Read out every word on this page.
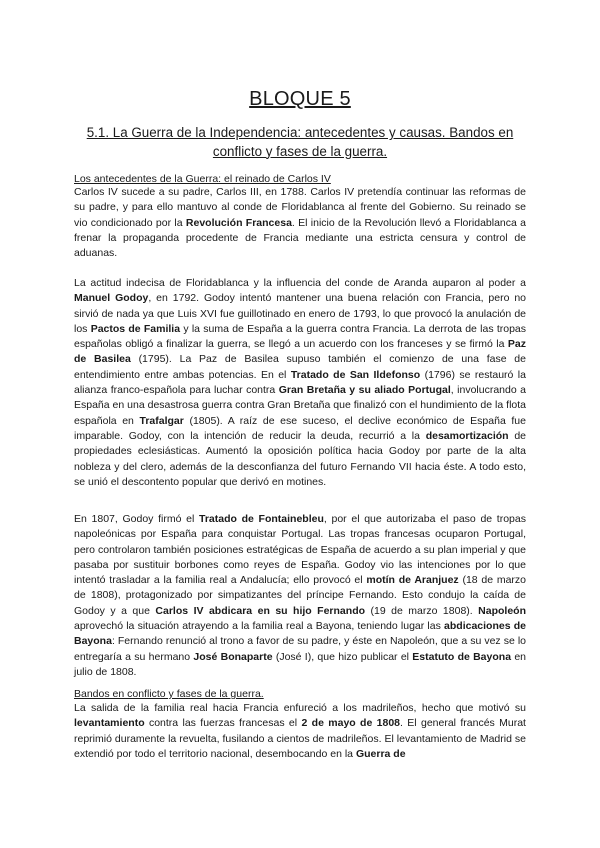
BLOQUE 5
5.1. La Guerra de la Independencia: antecedentes y causas. Bandos en conflicto y fases de la guerra.
Los antecedentes de la Guerra: el reinado de Carlos IV
Carlos IV sucede a su padre, Carlos III, en 1788. Carlos IV pretendía continuar las reformas de su padre, y para ello mantuvo al conde de Floridablanca al frente del Gobierno. Su reinado se vio condicionado por la Revolución Francesa. El inicio de la Revolución llevó a Floridablanca a frenar la propaganda procedente de Francia mediante una estricta censura y control de aduanas.
La actitud indecisa de Floridablanca y la influencia del conde de Aranda auparon al poder a Manuel Godoy, en 1792. Godoy intentó mantener una buena relación con Francia, pero no sirvió de nada ya que Luis XVI fue guillotinado en enero de 1793, lo que provocó la anulación de los Pactos de Familia y la suma de España a la guerra contra Francia. La derrota de las tropas españolas obligó a finalizar la guerra, se llegó a un acuerdo con los franceses y se firmó la Paz de Basilea (1795). La Paz de Basilea supuso también el comienzo de una fase de entendimiento entre ambas potencias. En el Tratado de San Ildefonso (1796) se restauró la alianza franco-española para luchar contra Gran Bretaña y su aliado Portugal, involucrando a España en una desastrosa guerra contra Gran Bretaña que finalizó con el hundimiento de la flota española en Trafalgar (1805). A raíz de ese suceso, el declive económico de España fue imparable. Godoy, con la intención de reducir la deuda, recurrió a la desamortización de propiedades eclesiásticas. Aumentó la oposición política hacia Godoy por parte de la alta nobleza y del clero, además de la desconfianza del futuro Fernando VII hacia éste. A todo esto, se unió el descontento popular que derivó en motines.
En 1807, Godoy firmó el Tratado de Fontainebleu, por el que autorizaba el paso de tropas napoleónicas por España para conquistar Portugal. Las tropas francesas ocuparon Portugal, pero controlaron también posiciones estratégicas de España de acuerdo a su plan imperial y que pasaba por sustituir borbones como reyes de España. Godoy vio las intenciones por lo que intentó trasladar a la familia real a Andalucía; ello provocó el motín de Aranjuez (18 de marzo de 1808), protagonizado por simpatizantes del príncipe Fernando. Esto condujo la caída de Godoy y a que Carlos IV abdicara en su hijo Fernando (19 de marzo 1808). Napoleón aprovechó la situación atrayendo a la familia real a Bayona, teniendo lugar las abdicaciones de Bayona: Fernando renunció al trono a favor de su padre, y éste en Napoleón, que a su vez se lo entregaría a su hermano José Bonaparte (José I), que hizo publicar el Estatuto de Bayona en julio de 1808.
Bandos en conflicto y fases de la guerra.
La salida de la familia real hacia Francia enfureció a los madrileños, hecho que motivó su levantamiento contra las fuerzas francesas el 2 de mayo de 1808. El general francés Murat reprimió duramente la revuelta, fusilando a cientos de madrileños. El levantamiento de Madrid se extendió por todo el territorio nacional, desembocando en la Guerra de
